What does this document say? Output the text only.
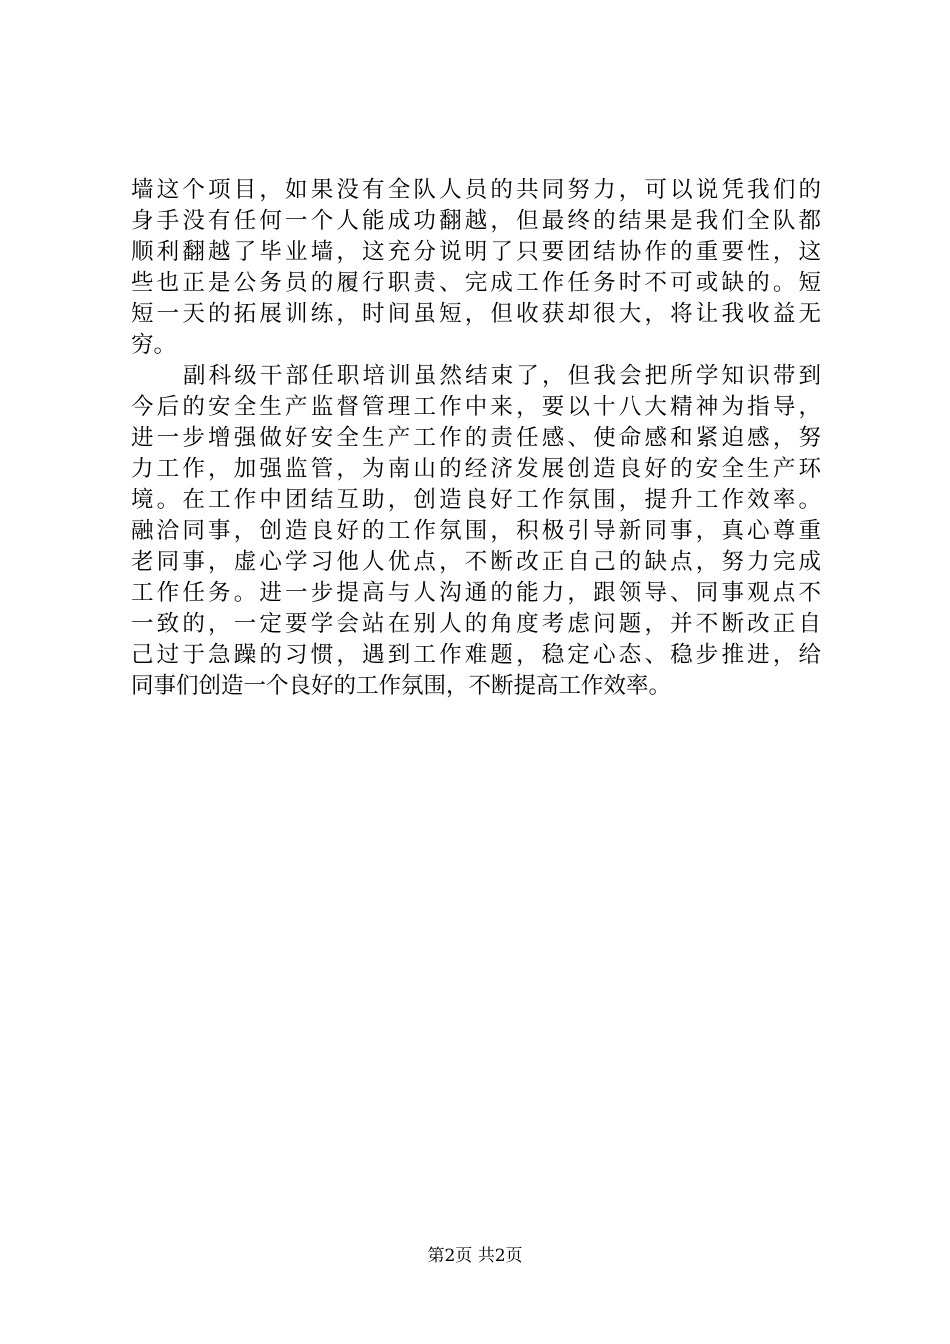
墙这个项目，如果没有全队人员的共同努力，可以说凭我们的
身手没有任何一个人能成功翻越，但最终的结果是我们全队都
顺利翻越了毕业墙，这充分说明了只要团结协作的重要性，这
些也正是公务员的履行职责、完成工作任务时不可或缺的。短
短一天的拓展训练，时间虽短，但收获却很大，将让我收益无
穷。
副科级干部任职培训虽然结束了，但我会把所学知识带到
今后的安全生产监督管理工作中来，要以十八大精神为指导，
进一步增强做好安全生产工作的责任感、使命感和紧迫感，努
力工作，加强监管，为南山的经济发展创造良好的安全生产环
境。在工作中团结互助，创造良好工作氛围，提升工作效率。
融洽同事，创造良好的工作氛围，积极引导新同事，真心尊重
老同事，虚心学习他人优点，不断改正自己的缺点，努力完成
工作任务。进一步提高与人沟通的能力，跟领导、同事观点不
一致的，一定要学会站在别人的角度考虑问题，并不断改正自
己过于急躁的习惯，遇到工作难题，稳定心态、稳步推进，给
同事们创造一个良好的工作氛围，不断提高工作效率。
第2页 共2页
